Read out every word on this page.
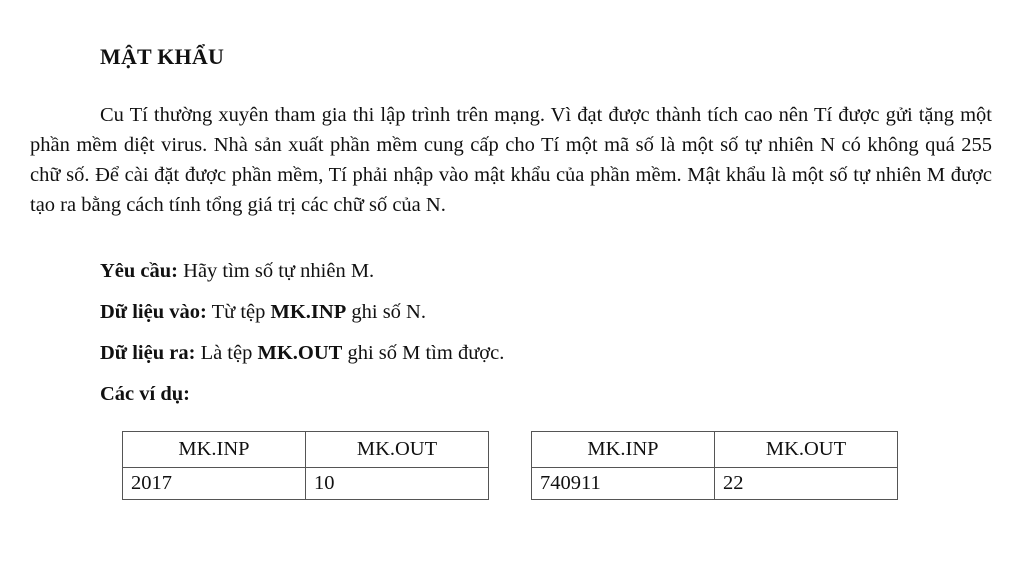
MẬT KHẨU

Cu Tí thường xuyên tham gia thi lập trình trên mạng. Vì đạt được thành tích cao nên Tí được gửi tặng một phần mềm diệt virus. Nhà sản xuất phần mềm cung cấp cho Tí một mã số là một số tự nhiên N có không quá 255 chữ số. Để cài đặt được phần mềm, Tí phải nhập vào mật khẩu của phần mềm. Mật khẩu là một số tự nhiên M được tạo ra bằng cách tính tổng giá trị các chữ số của N.

Yêu cầu: Hãy tìm số tự nhiên M.
Dữ liệu vào: Từ tệp MK.INP ghi số N.
Dữ liệu ra: Là tệp MK.OUT ghi số M tìm được.
Các ví dụ:
MK.INP	MK.OUT
2017	10
MK.INP	MK.OUT
740911	22
